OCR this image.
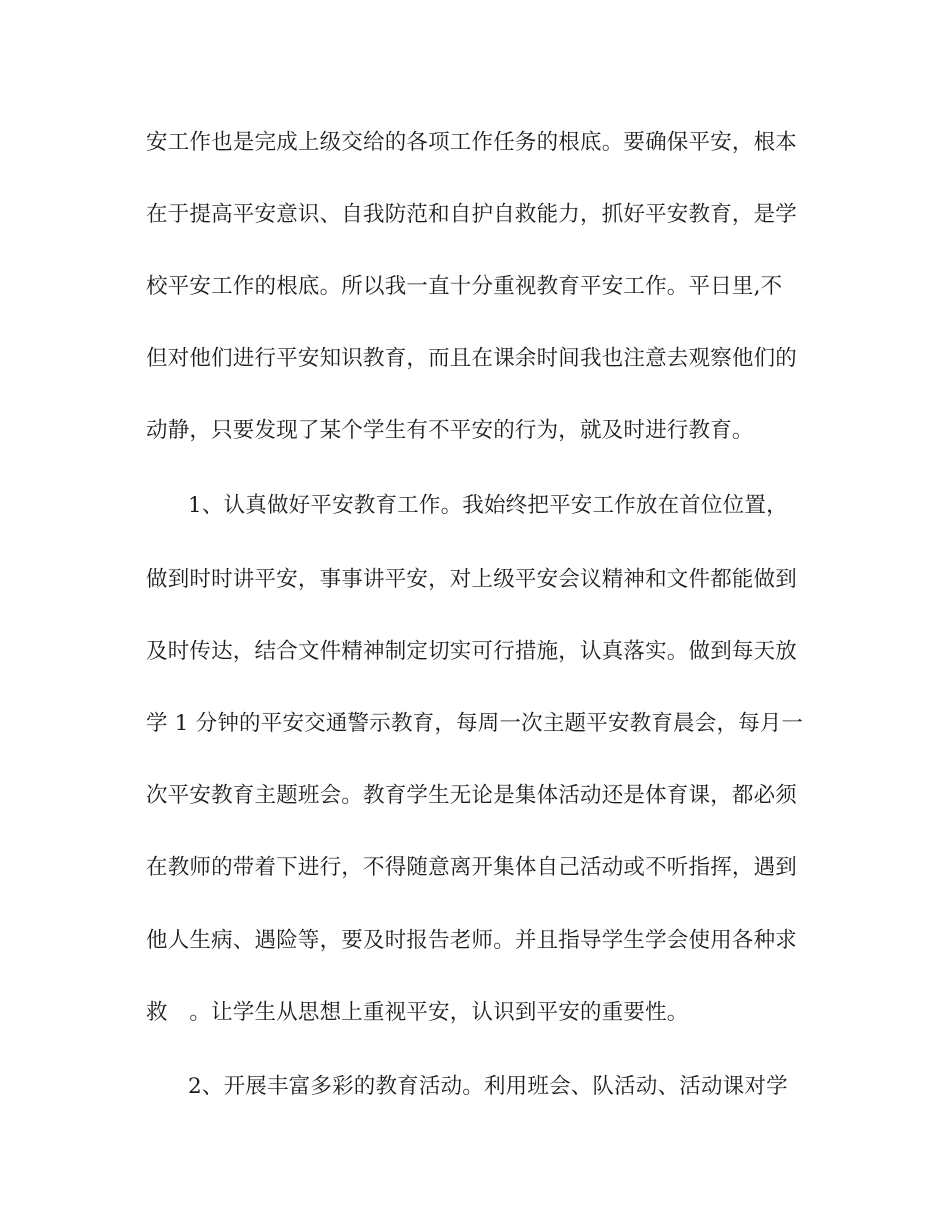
安工作也是完成上级交给的各项工作任务的根底。要确保平安，根本
在于提高平安意识、自我防范和自护自救能力，抓好平安教育，是学
校平安工作的根底。所以我一直十分重视教育平安工作。平日里,不
但对他们进行平安知识教育，而且在课余时间我也注意去观察他们的
动静，只要发现了某个学生有不平安的行为，就及时进行教育。
1、认真做好平安教育工作。我始终把平安工作放在首位位置，
做到时时讲平安，事事讲平安，对上级平安会议精神和文件都能做到
及时传达，结合文件精神制定切实可行措施，认真落实。做到每天放
学 1 分钟的平安交通警示教育，每周一次主题平安教育晨会，每月一
次平安教育主题班会。教育学生无论是集体活动还是体育课，都必须
在教师的带着下进行，不得随意离开集体自己活动或不听指挥，遇到
他人生病、遇险等，要及时报告老师。并且指导学生学会使用各种求
救　。让学生从思想上重视平安，认识到平安的重要性。
2、开展丰富多彩的教育活动。利用班会、队活动、活动课对学
